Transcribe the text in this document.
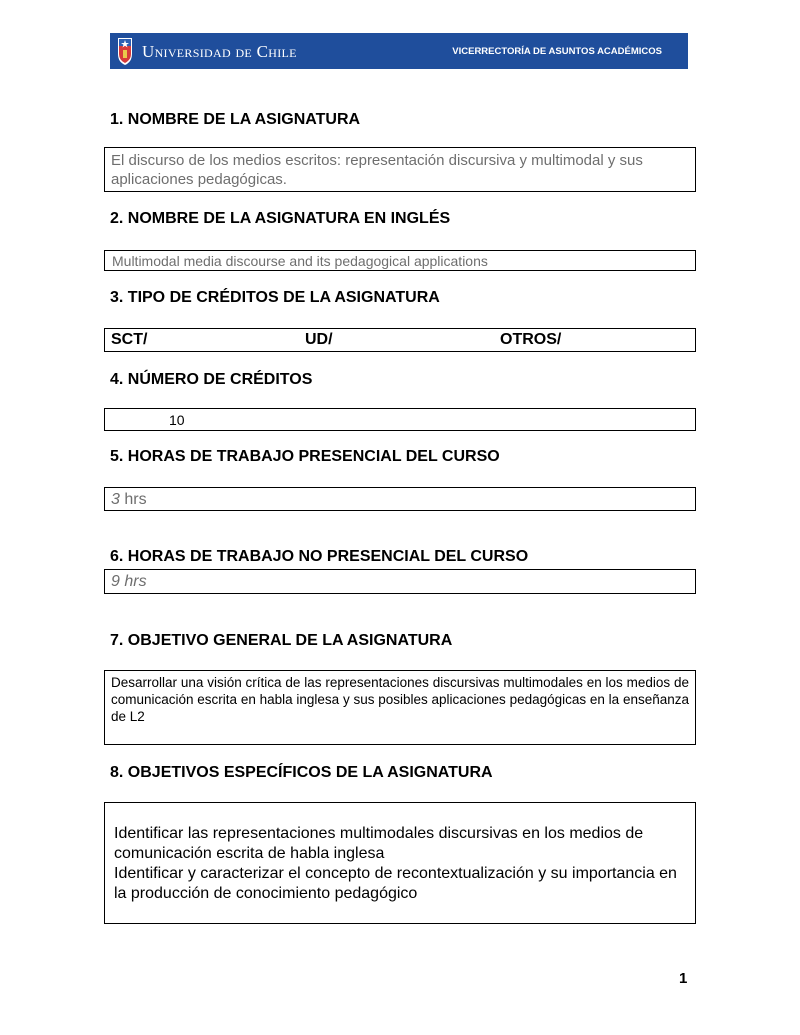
Universidad de Chile	VICERRECTORÍA DE ASUNTOS ACADÉMICOS
1. NOMBRE DE LA ASIGNATURA
El discurso de los medios escritos: representación discursiva y multimodal y sus aplicaciones pedagógicas.
2. NOMBRE DE LA ASIGNATURA EN INGLÉS
Multimodal media discourse and its pedagogical applications
3. TIPO DE CRÉDITOS DE LA ASIGNATURA
SCT/	UD/	OTROS/
4. NÚMERO DE CRÉDITOS
10
5. HORAS DE TRABAJO PRESENCIAL DEL CURSO
3 hrs
6. HORAS DE TRABAJO NO PRESENCIAL DEL CURSO
9 hrs
7. OBJETIVO GENERAL DE LA ASIGNATURA
Desarrollar una visión crítica de las representaciones discursivas multimodales en los medios de comunicación escrita en habla inglesa y sus posibles aplicaciones pedagógicas en la enseñanza de L2
8. OBJETIVOS ESPECÍFICOS DE LA ASIGNATURA
Identificar las representaciones multimodales discursivas en los medios de comunicación escrita de habla inglesa
Identificar y caracterizar el concepto de recontextualización y su importancia en la producción de conocimiento pedagógico
1
